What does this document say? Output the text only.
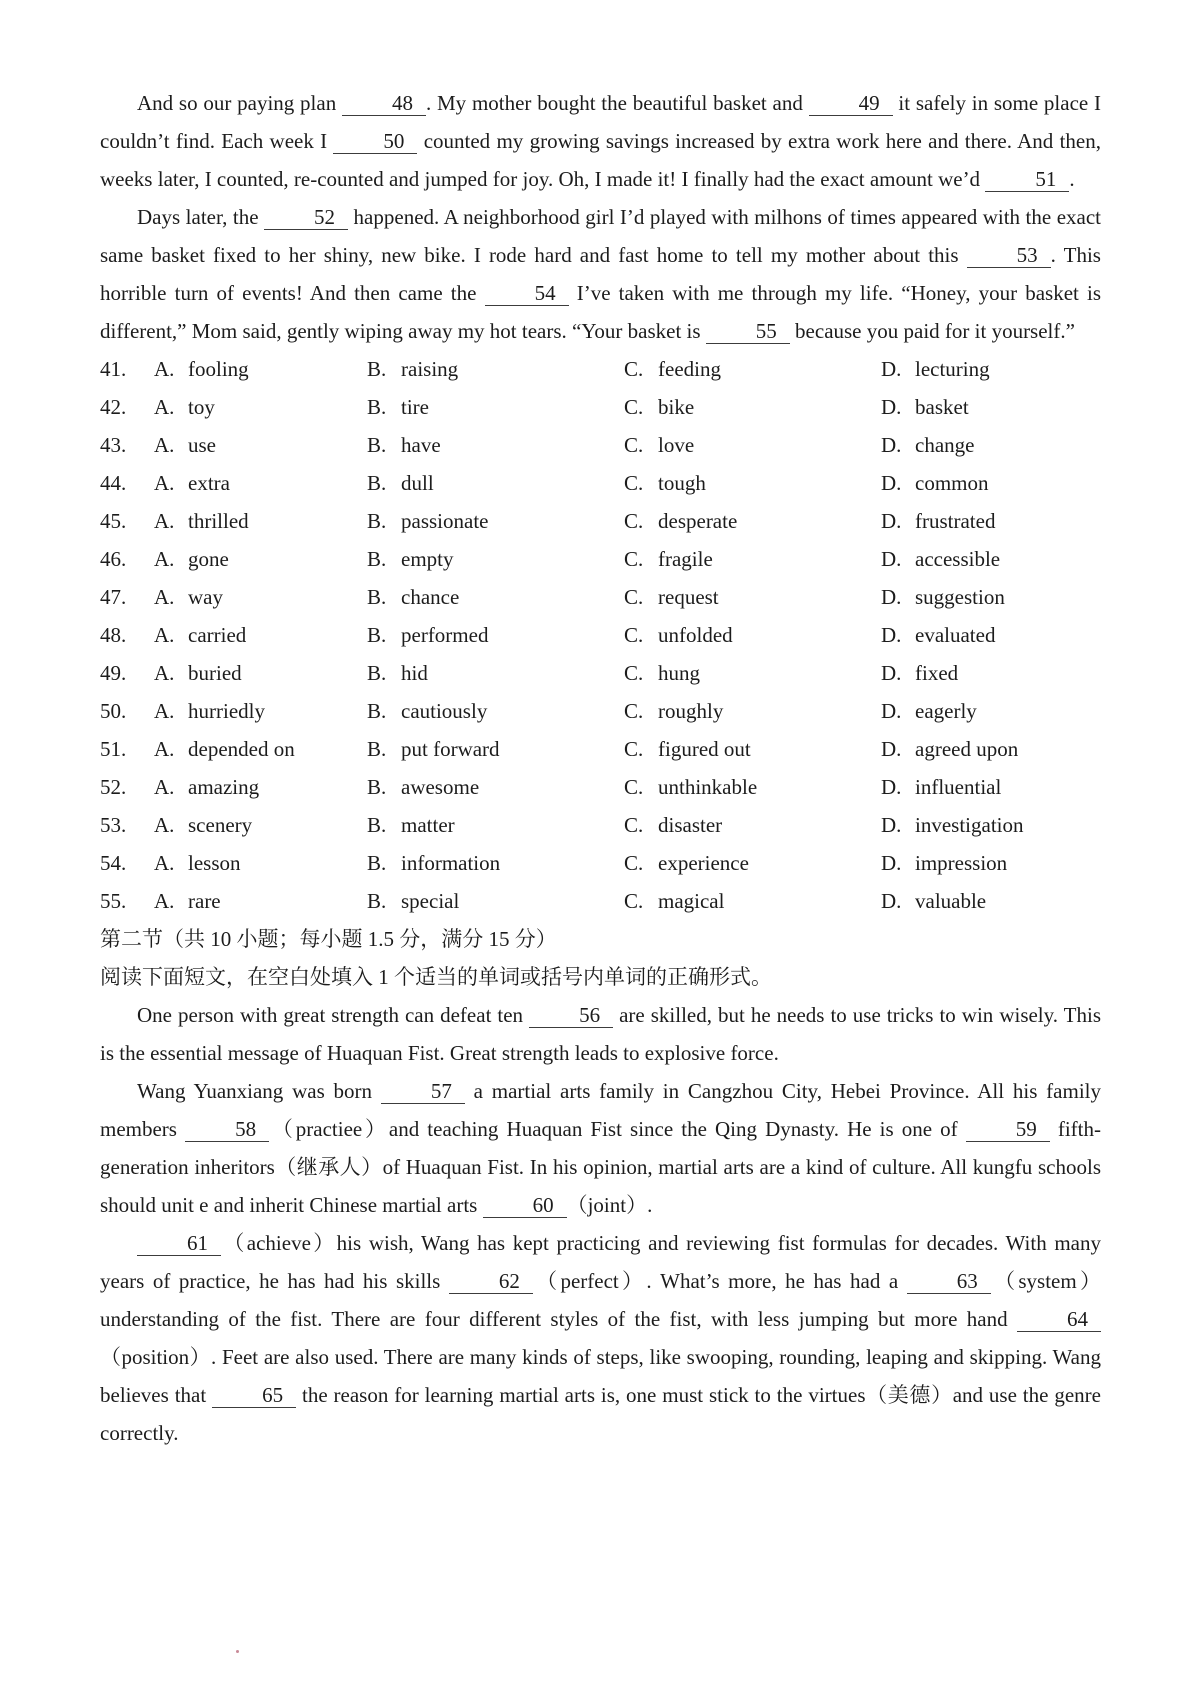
And so our paying plan 48 . My mother bought the beautiful basket and 49 it safely in some place I couldn’t find. Each week I 50 counted my growing savings increased by extra work here and there. And then, weeks later, I counted, re-counted and jumped for joy. Oh, I made it! I finally had the exact amount we’d 51 .

Days later, the 52 happened. A neighborhood girl I’d played with milhons of times appeared with the exact same basket fixed to her shiny, new bike. I rode hard and fast home to tell my mother about this 53 . This horrible turn of events! And then came the 54 I’ve taken with me through my life. “Honey, your basket is different,” Mom said, gently wiping away my hot tears. “Your basket is 55 because you paid for it yourself.”

41. A. fooling	B. raising	C. feeding	D. lecturing
42. A. toy	B. tire	C. bike	D. basket
43. A. use	B. have	C. love	D. change
44. A. extra	B. dull	C. tough	D. common
45. A. thrilled	B. passionate	C. desperate	D. frustrated
46. A. gone	B. empty	C. fragile	D. accessible
47. A. way	B. chance	C. request	D. suggestion
48. A. carried	B. performed	C. unfolded	D. evaluated
49. A. buried	B. hid	C. hung	D. fixed
50. A. hurriedly	B. cautiously	C. roughly	D. eagerly
51. A. depended on	B. put forward	C. figured out	D. agreed upon
52. A. amazing	B. awesome	C. unthinkable	D. influential
53. A. scenery	B. matter	C. disaster	D. investigation
54. A. lesson	B. information	C. experience	D. impression
55. A. rare	B. special	C. magical	D. valuable
第二节（共 10 小题；每小题 1.5 分，满分 15 分）
阅读下面短文，在空白处填入 1 个适当的单词或括号内单词的正确形式。

One person with great strength can defeat ten 56 are skilled, but he needs to use tricks to win wisely. This is the essential message of Huaquan Fist. Great strength leads to explosive force.

Wang Yuanxiang was born 57 a martial arts family in Cangzhou City, Hebei Province. All his family members 58 （practiee）and teaching Huaquan Fist since the Qing Dynasty. He is one of 59 fifth-generation inheritors（继承人）of Huaquan Fist. In his opinion, martial arts are a kind of culture. All kungfu schools should unit e and inherit Chinese martial arts 60 （joint）.

61 （achieve）his wish, Wang has kept practicing and reviewing fist formulas for decades. With many years of practice, he has had his skills 62 （perfect）. What’s more, he has had a 63 （system）understanding of the fist. There are four different styles of the fist, with less jumping but more hand 64（position）. Feet are also used. There are many kinds of steps, like swooping, rounding, leaping and skipping. Wang believes that 65 the reason for learning martial arts is, one must stick to the virtues（美德）and use the genre correctly.
